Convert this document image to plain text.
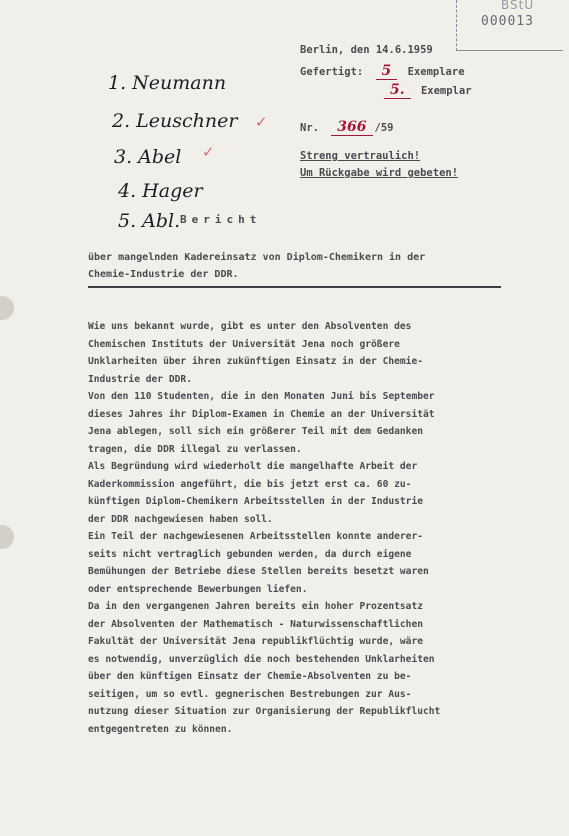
BStU
000013
Berlin, den 14.6.1959
Gefertigt: 5 Exemplare
5. Exemplar
Nr. 366 /59
Streng vertraulich!
Um Rückgabe wird gebeten!
1. Neumann
2. Leuschner ✓
3. Abel ✓
4. Hager
5. Abl. Bericht
über mangelnden Kadereinsatz von Diplom-Chemikern in der
Chemie-Industrie der DDR.
Wie uns bekannt wurde, gibt es unter den Absolventen des
Chemischen Instituts der Universität Jena noch größere
Unklarheiten über ihren zukünftigen Einsatz in der Chemie-
Industrie der DDR.
Von den 110 Studenten, die in den Monaten Juni bis September
dieses Jahres ihr Diplom-Examen in Chemie an der Universität
Jena ablegen, soll sich ein größerer Teil mit dem Gedanken
tragen, die DDR illegal zu verlassen.
Als Begründung wird wiederholt die mangelhafte Arbeit der
Kaderkommission angeführt, die bis jetzt erst ca. 60 zu-
künftigen Diplom-Chemikern Arbeitsstellen in der Industrie
der DDR nachgewiesen haben soll.
Ein Teil der nachgewiesenen Arbeitsstellen konnte anderer-
seits nicht vertraglich gebunden werden, da durch eigene
Bemühungen der Betriebe diese Stellen bereits besetzt waren
oder entsprechende Bewerbungen liefen.
Da in den vergangenen Jahren bereits ein hoher Prozentsatz
der Absolventen der Mathematisch - Naturwissenschaftlichen
Fakultät der Universität Jena republikflüchtig wurde, wäre
es notwendig, unverzüglich die noch bestehenden Unklarheiten
über den künftigen Einsatz der Chemie-Absolventen zu be-
seitigen, um so evtl. gegnerischen Bestrebungen zur Aus-
nutzung dieser Situation zur Organisierung der Republikflucht
entgegentreten zu können.
